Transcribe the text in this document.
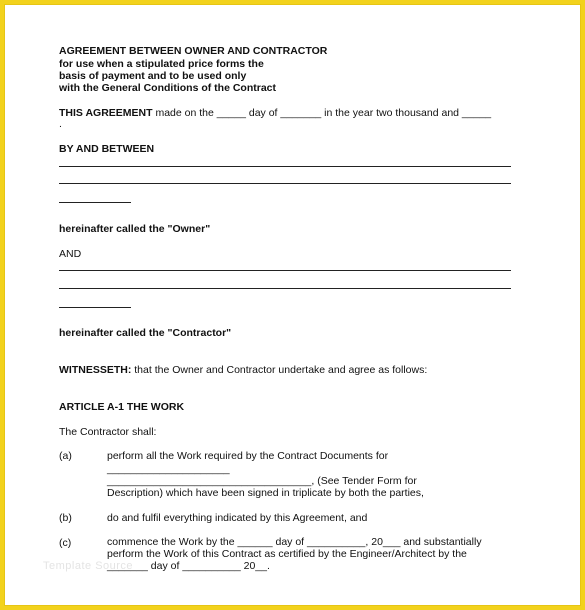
AGREEMENT BETWEEN OWNER AND CONTRACTOR
for use when a stipulated price forms the
basis of payment and to be used only
with the General Conditions of the Contract
THIS AGREEMENT made on the _____ day of _______ in the year two thousand and _____
.
BY AND BETWEEN
hereinafter called the "Owner"
AND
hereinafter called the "Contractor"
WITNESSETH: that the Owner and Contractor undertake and agree as follows:
ARTICLE A-1 THE WORK
The Contractor shall:
(a)	perform all the Work required by the Contract Documents for
_____________________
___________________________________, (See Tender Form for
Description) which have been signed in triplicate by both the parties,
(b)	do and fulfil everything indicated by this Agreement, and
(c)	commence the Work by the ______ day of __________, 20___ and substantially
perform the Work of this Contract as certified by the Engineer/Architect by the
_______ day of __________ 20__.
Template Source
